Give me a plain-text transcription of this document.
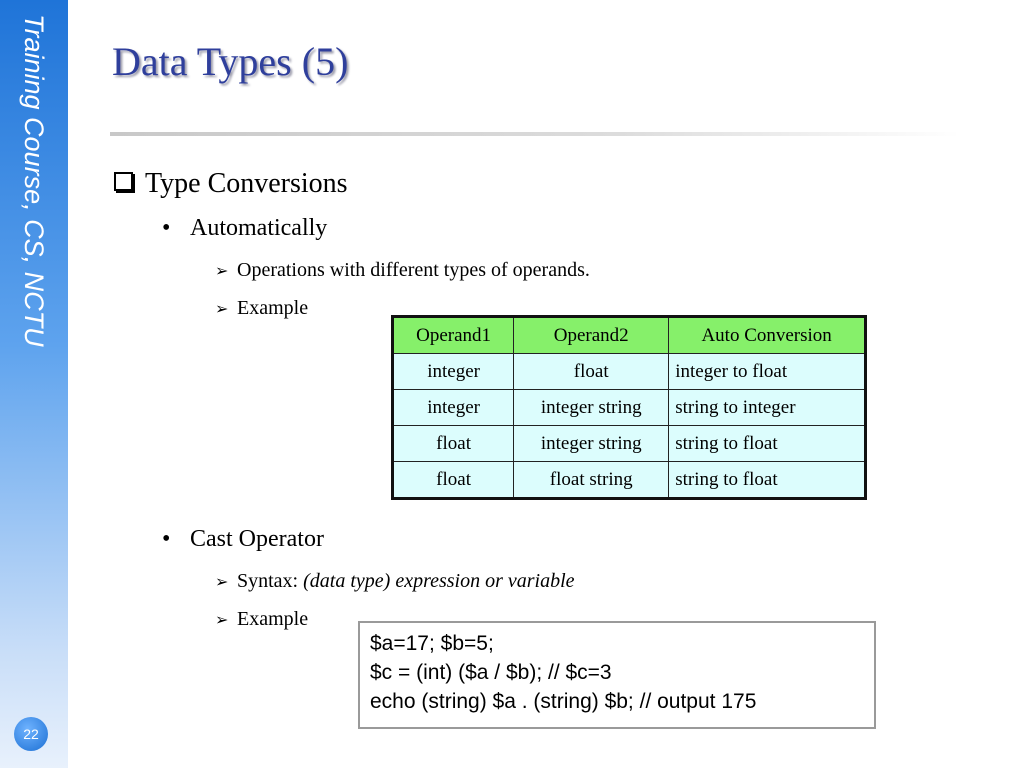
Training Course, CS, NCTU
22
Data Types (5)
Type Conversions
• Automatically
➢ Operations with different types of operands.
➢ Example
Operand1	Operand2	Auto Conversion
integer	float	integer to float
integer	integer string	string to integer
float	integer string	string to float
float	float string	string to float
• Cast Operator
➢ Syntax: (data type) expression or variable
➢ Example
$a=17; $b=5;
$c = (int) ($a / $b); // $c=3
echo (string) $a . (string) $b; // output 175
